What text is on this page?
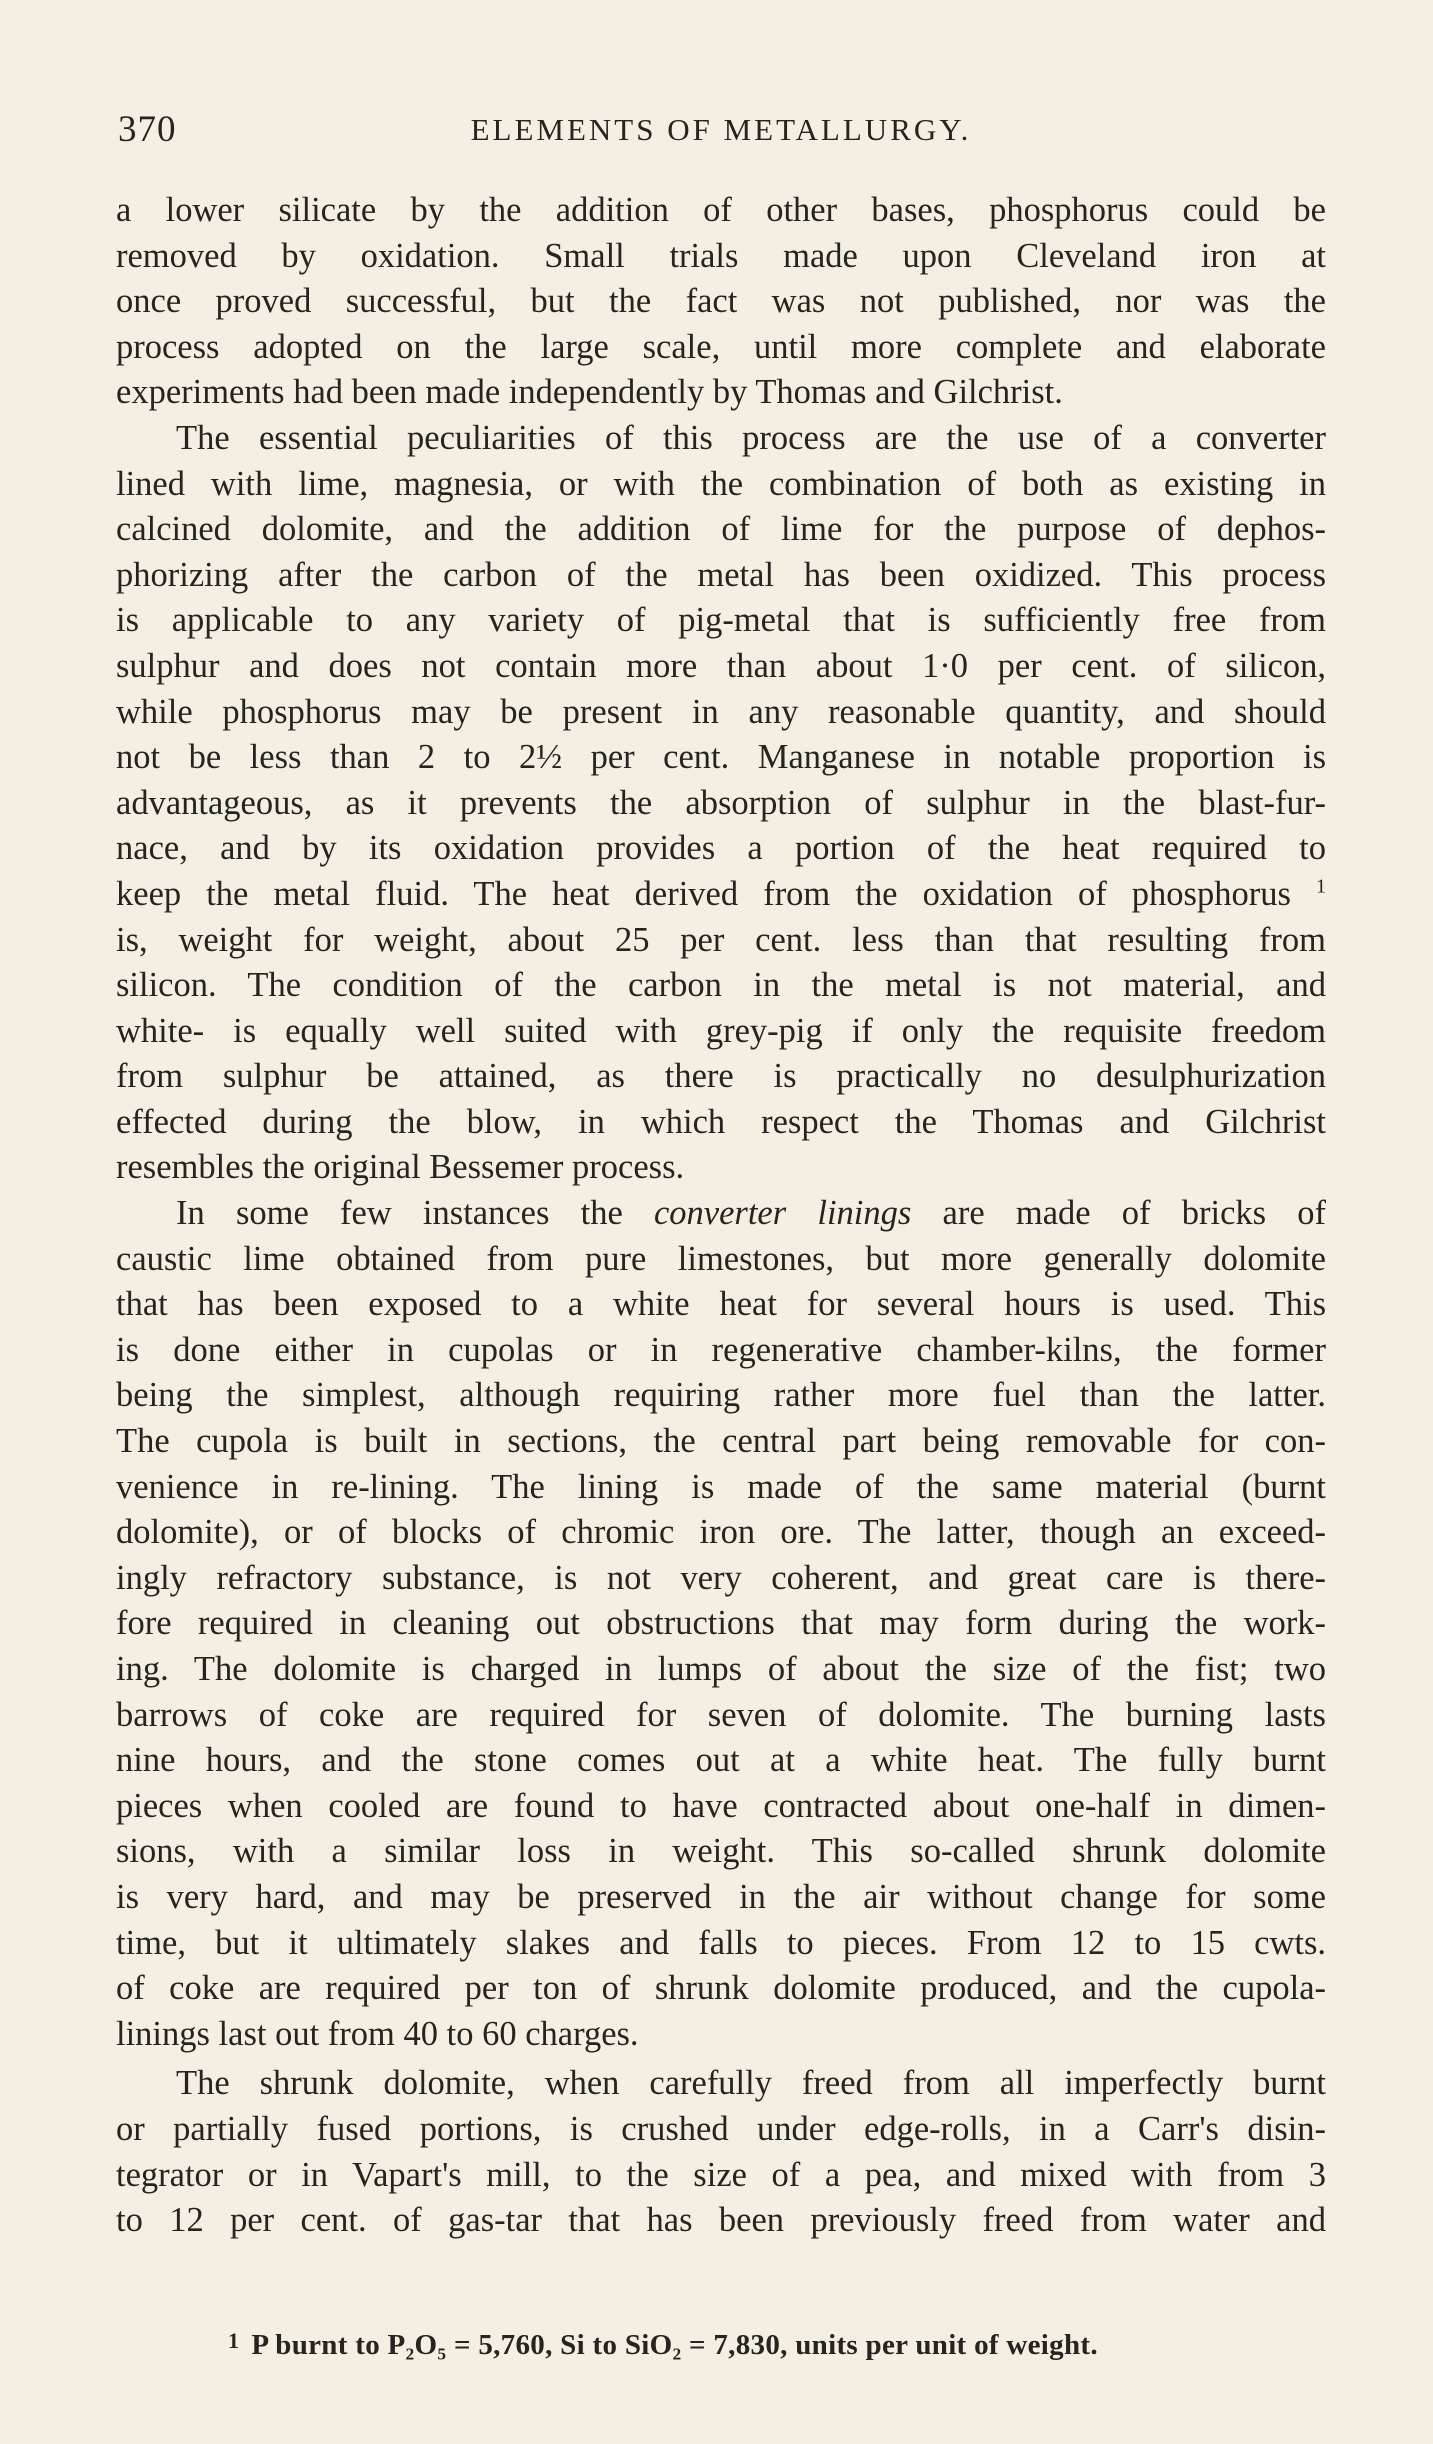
370	ELEMENTS OF METALLURGY.
a lower silicate by the addition of other bases, phosphorus could be
removed by oxidation. Small trials made upon Cleveland iron at
once proved successful, but the fact was not published, nor was the
process adopted on the large scale, until more complete and elaborate
experiments had been made independently by Thomas and Gilchrist.
The essential peculiarities of this process are the use of a converter
lined with lime, magnesia, or with the combination of both as existing in
calcined dolomite, and the addition of lime for the purpose of dephos-
phorizing after the carbon of the metal has been oxidized. This process
is applicable to any variety of pig-metal that is sufficiently free from
sulphur and does not contain more than about 1·0 per cent. of silicon,
while phosphorus may be present in any reasonable quantity, and should
not be less than 2 to 2½ per cent. Manganese in notable proportion is
advantageous, as it prevents the absorption of sulphur in the blast-fur-
nace, and by its oxidation provides a portion of the heat required to
keep the metal fluid. The heat derived from the oxidation of phosphorus $^1$
is, weight for weight, about 25 per cent. less than that resulting from
silicon. The condition of the carbon in the metal is not material, and
white- is equally well suited with grey-pig if only the requisite freedom
from sulphur be attained, as there is practically no desulphurization
effected during the blow, in which respect the Thomas and Gilchrist
resembles the original Bessemer process.
In some few instances the converter linings are made of bricks of
caustic lime obtained from pure limestones, but more generally dolomite
that has been exposed to a white heat for several hours is used. This
is done either in cupolas or in regenerative chamber-kilns, the former
being the simplest, although requiring rather more fuel than the latter.
The cupola is built in sections, the central part being removable for con-
venience in re-lining. The lining is made of the same material (burnt
dolomite), or of blocks of chromic iron ore. The latter, though an exceed-
ingly refractory substance, is not very coherent, and great care is there-
fore required in cleaning out obstructions that may form during the work-
ing. The dolomite is charged in lumps of about the size of the fist; two
barrows of coke are required for seven of dolomite. The burning lasts
nine hours, and the stone comes out at a white heat. The fully burnt
pieces when cooled are found to have contracted about one-half in dimen-
sions, with a similar loss in weight. This so-called shrunk dolomite
is very hard, and may be preserved in the air without change for some
time, but it ultimately slakes and falls to pieces. From 12 to 15 cwts.
of coke are required per ton of shrunk dolomite produced, and the cupola-
linings last out from 40 to 60 charges.
The shrunk dolomite, when carefully freed from all imperfectly burnt
or partially fused portions, is crushed under edge-rolls, in a Carr's disin-
tegrator or in Vapart's mill, to the size of a pea, and mixed with from 3
to 12 per cent. of gas-tar that has been previously freed from water and
$^1$ P burnt to P₂O₅ = 5,760, Si to SiO₂ = 7,830, units per unit of weight.
